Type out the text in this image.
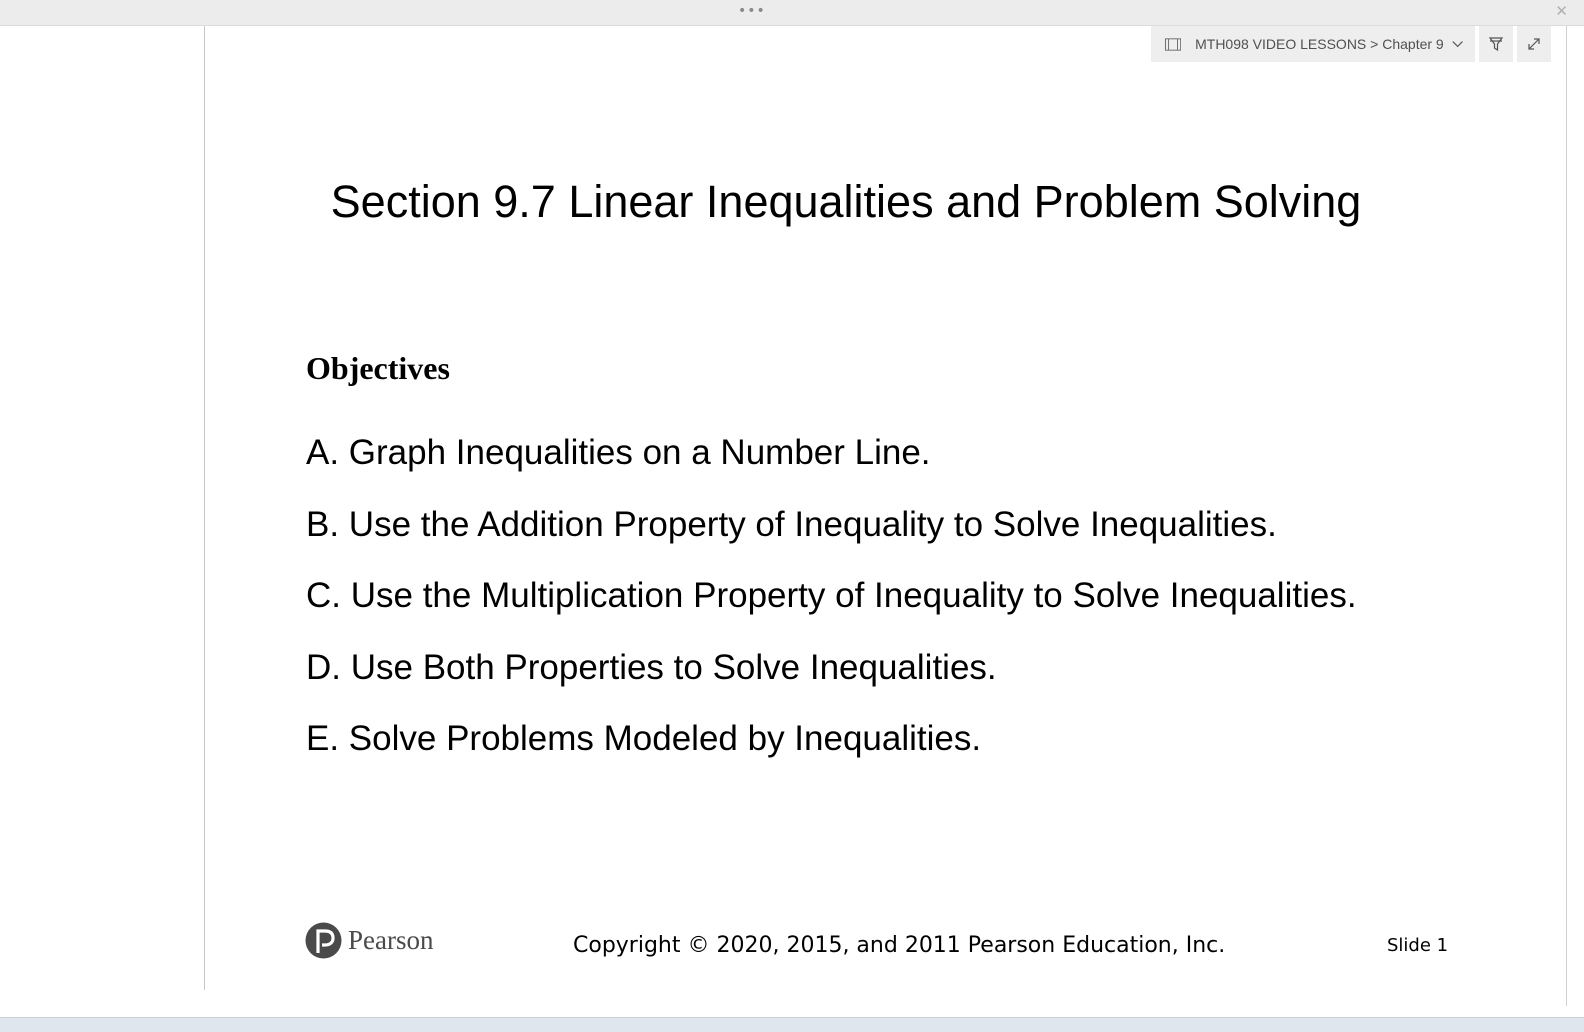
•••	✕
MTH098 VIDEO LESSONS > Chapter 9
Section 9.7 Linear Inequalities and Problem Solving
Objectives
A. Graph Inequalities on a Number Line.
B. Use the Addition Property of Inequality to Solve Inequalities.
C. Use the Multiplication Property of Inequality to Solve Inequalities.
D. Use Both Properties to Solve Inequalities.
E. Solve Problems Modeled by Inequalities.
Pearson	Copyright © 2020, 2015, and 2011 Pearson Education, Inc.	Slide 1
